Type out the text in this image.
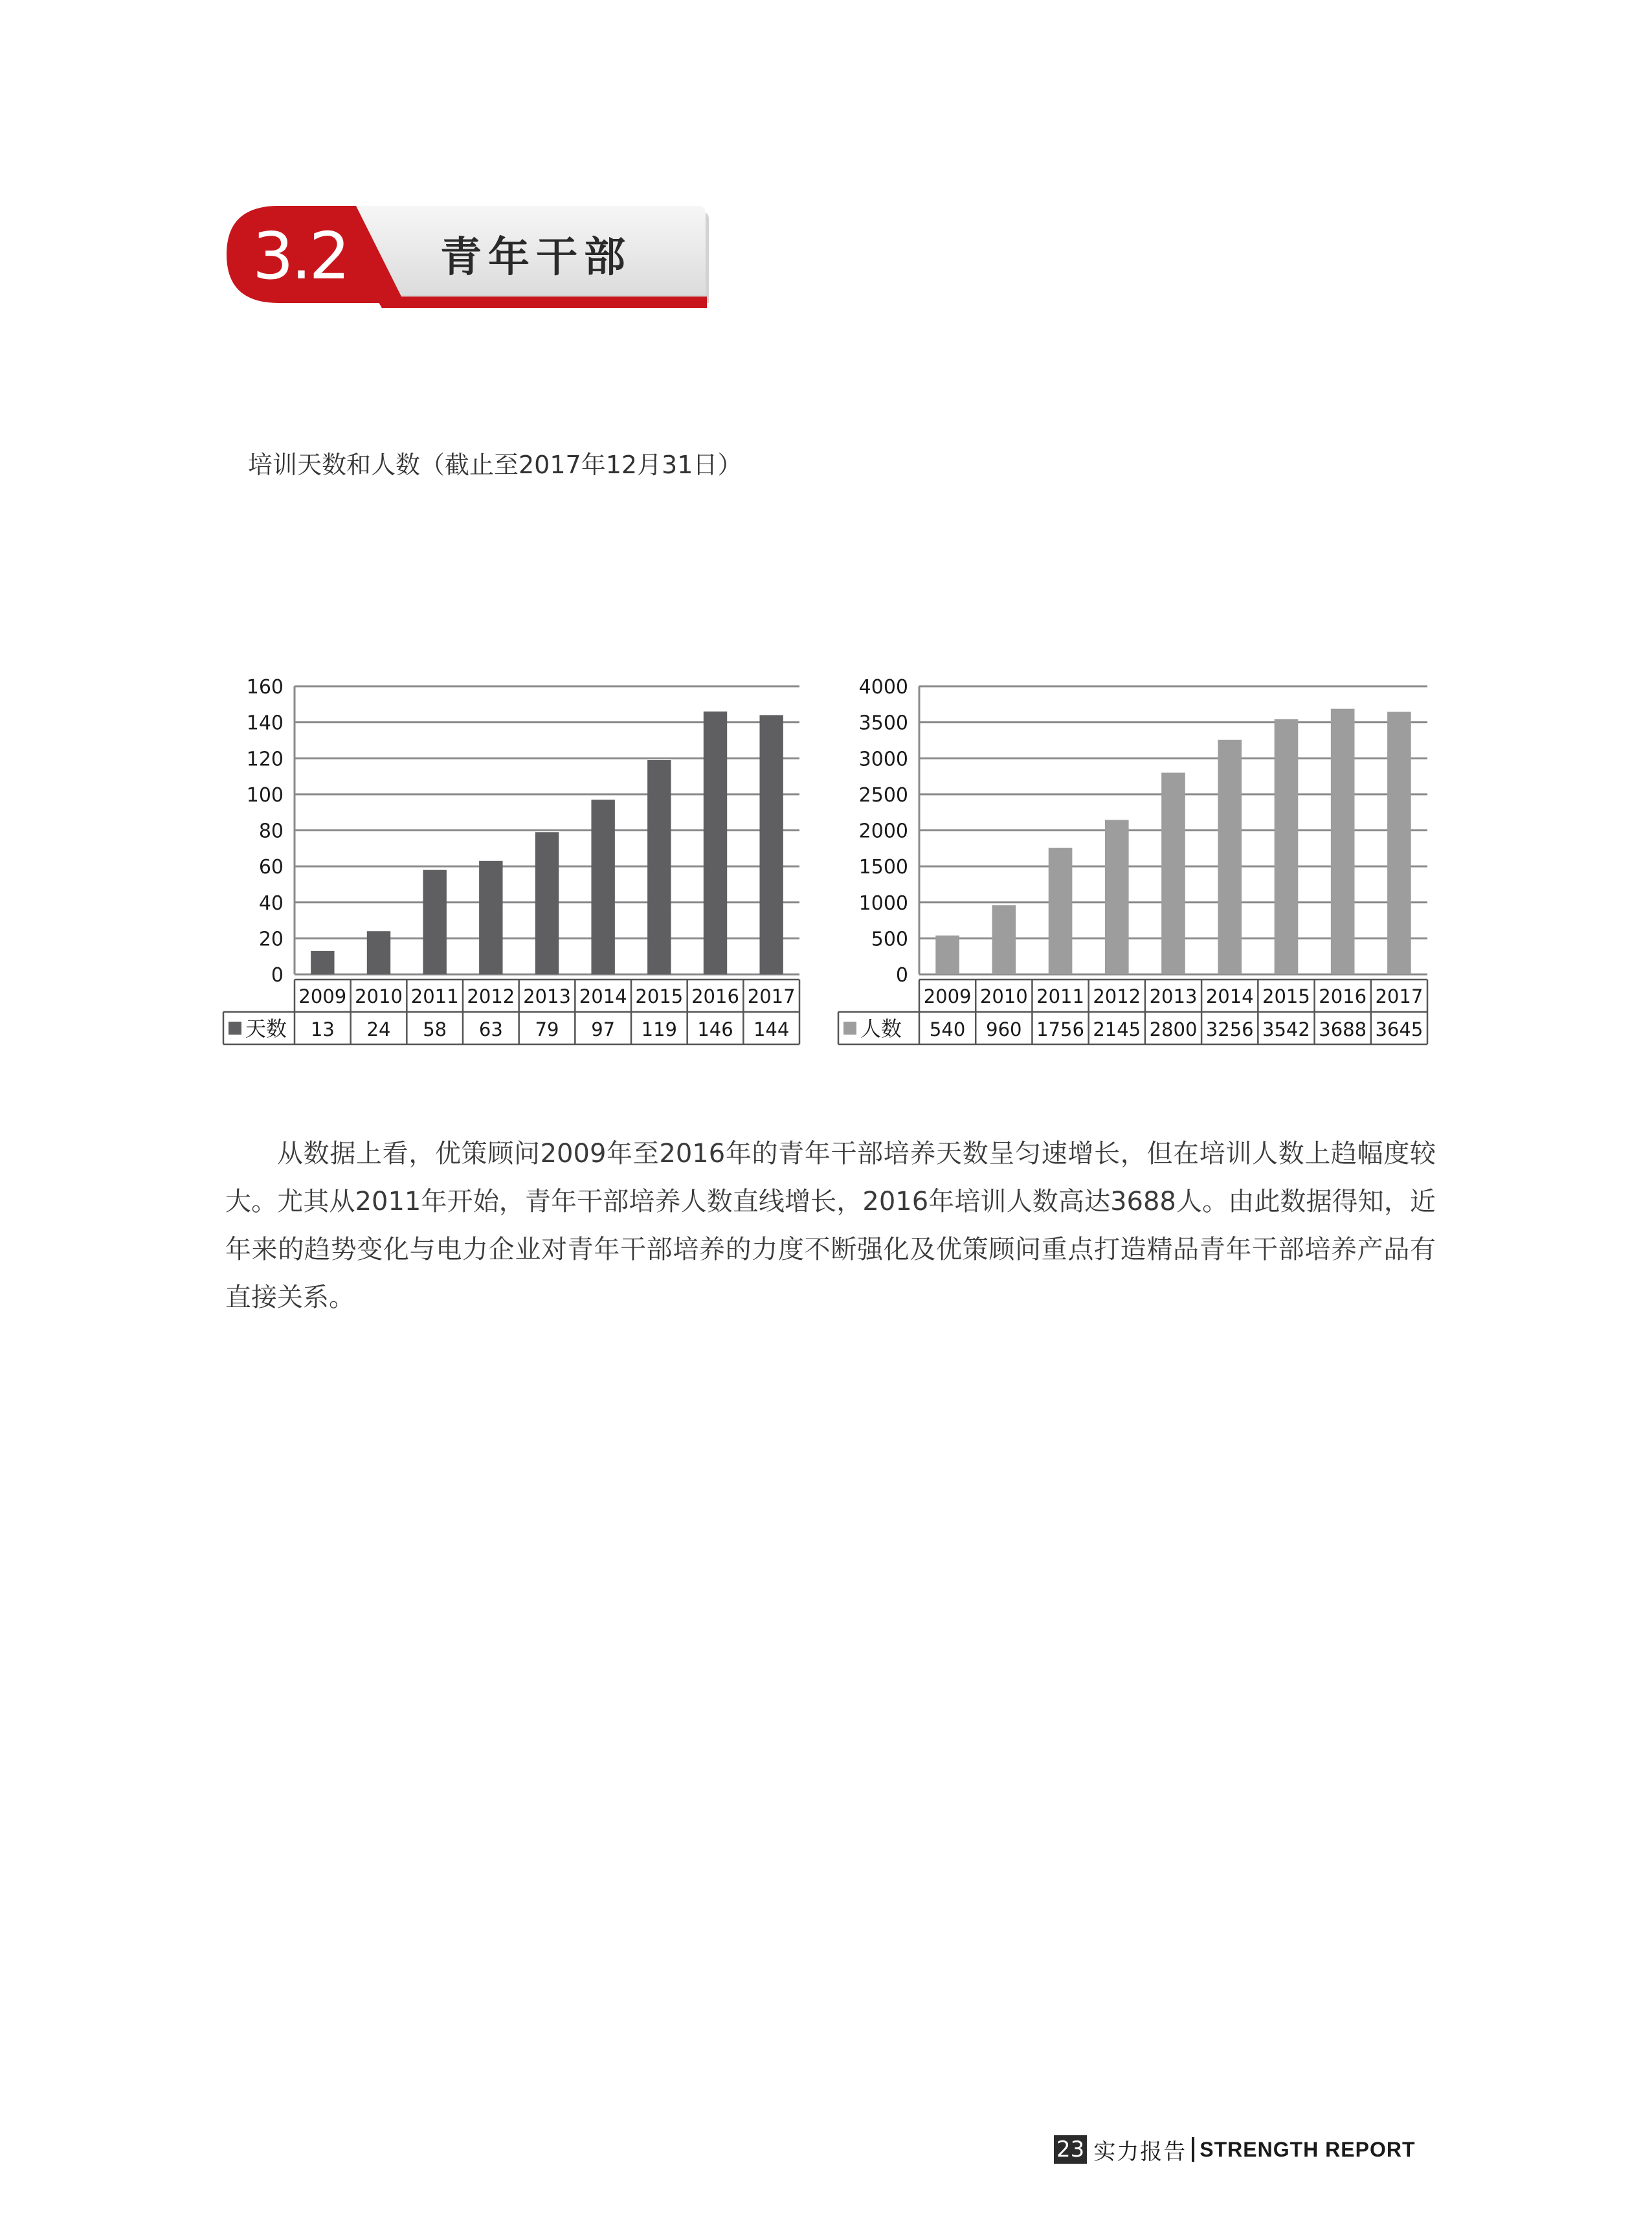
3.2	青年干部
培训天数和人数（截止至2017年12月31日）
0
20
40
60
80
100
120
140
160
2009 2010 2011 2012 2013 2014 2015 2016 2017
天数 13 24 58 63 79 97 119 146 144
0
500
1000
1500
2000
2500
3000
3500
4000
2009 2010 2011 2012 2013 2014 2015 2016 2017
人数 540 960 1756 2145 2800 3256 3542 3688 3645

从数据上看，优策顾问2009年至2016年的青年干部培养天数呈匀速增长，但在培训人数上趋幅度较大。尤其从2011年开始，青年干部培养人数直线增长，2016年培训人数高达3688人。由此数据得知，近年来的趋势变化与电力企业对青年干部培养的力度不断强化及优策顾问重点打造精品青年干部培养产品有直接关系。

23 实力报告 STRENGTH REPORT
